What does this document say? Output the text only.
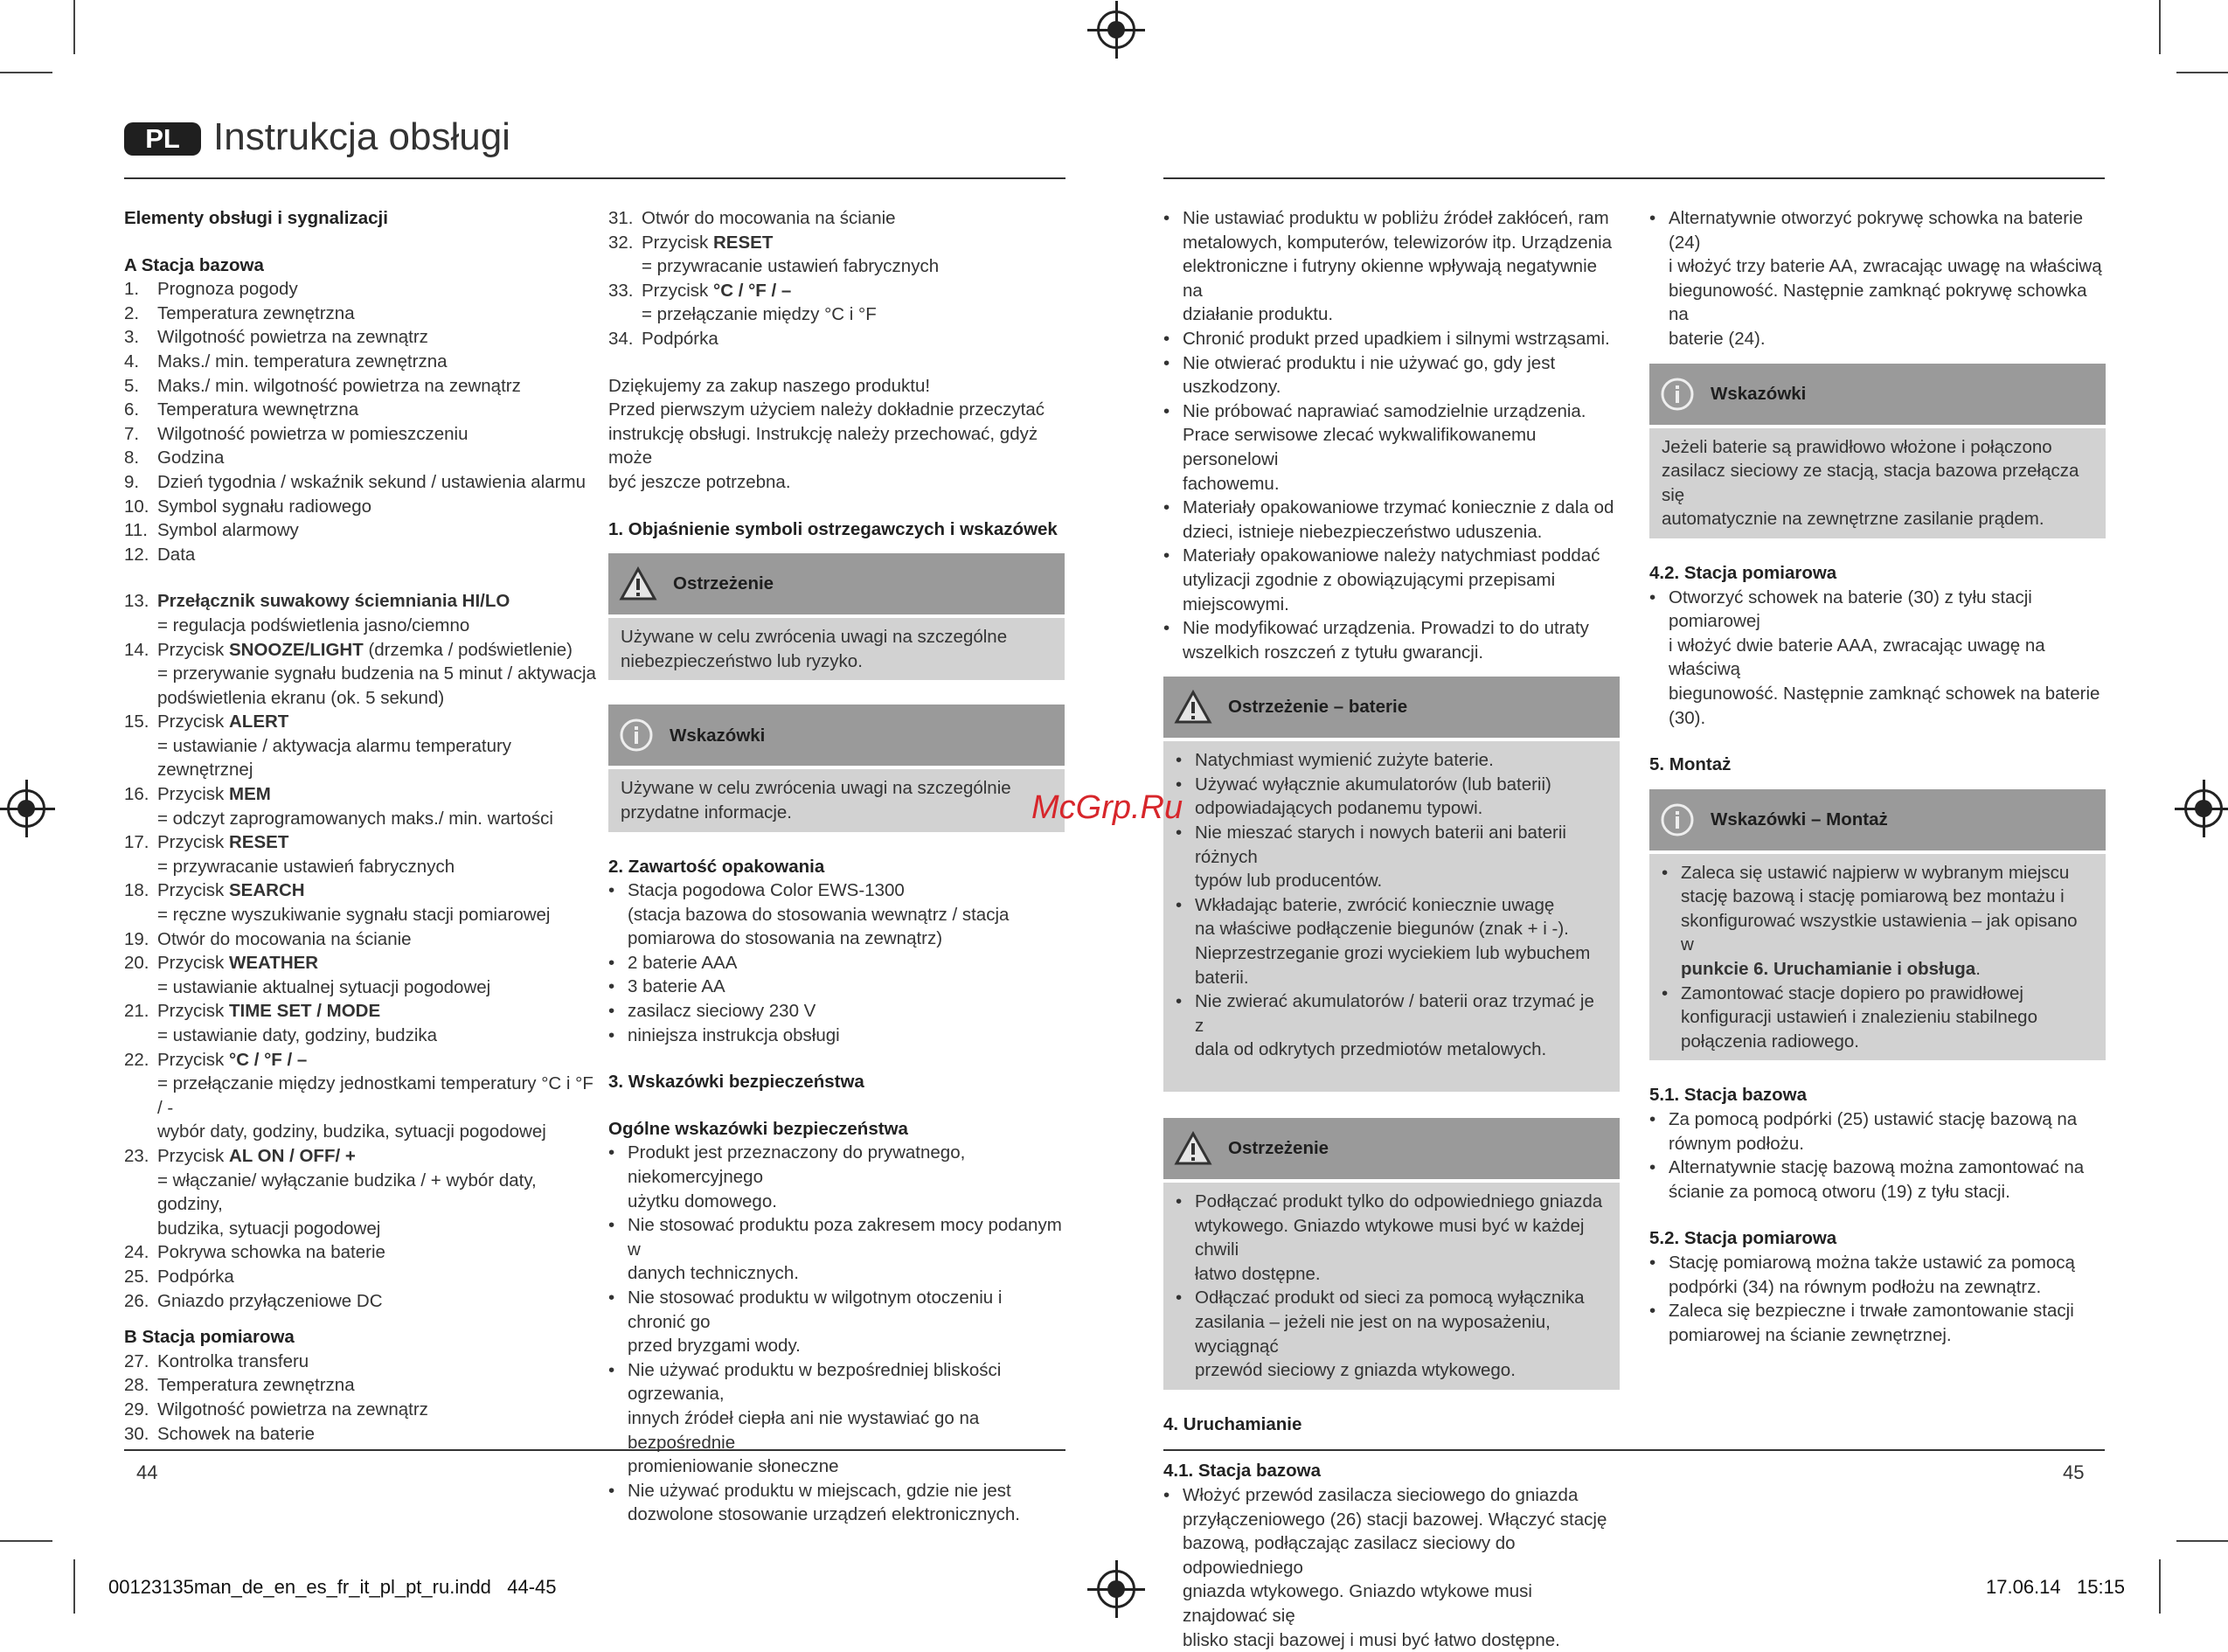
PL Instrukcja obsługi

Elementy obsługi i sygnalizacji

A Stacja bazowa

1.	Prognoza pogody
2.	Temperatura zewnętrzna
3.	Wilgotność powietrza na zewnątrz
4.	Maks./ min. temperatura zewnętrzna
5.	Maks./ min. wilgotność powietrza na zewnątrz
6.	Temperatura wewnętrzna
7.	Wilgotność powietrza w pomieszczeniu
8.	Godzina
9.	Dzień tygodnia / wskaźnik sekund / ustawienia alarmu
10. Symbol sygnału radiowego
11. Symbol alarmowy
12. Data
13. Przełącznik suwakowy ściemniania HI/LO
= regulacja podświetlenia jasno/ciemno
14. Przycisk SNOOZE/LIGHT (drzemka / podświetlenie)
= przerywanie sygnału budzenia na 5 minut / aktywacja
podświetlenia ekranu (ok. 5 sekund)
15. Przycisk ALERT
= ustawianie / aktywacja alarmu temperatury zewnętrznej
16. Przycisk MEM
= odczyt zaprogramowanych maks./ min. wartości
17. Przycisk RESET
= przywracanie ustawień fabrycznych
18. Przycisk SEARCH
= ręczne wyszukiwanie sygnału stacji pomiarowej
19. Otwór do mocowania na ścianie
20. Przycisk WEATHER
= ustawianie aktualnej sytuacji pogodowej
21. Przycisk TIME SET / MODE
= ustawianie daty, godziny, budzika
22. Przycisk °C / °F / –
= przełączanie między jednostkami temperatury °C i °F / -
wybór daty, godziny, budzika, sytuacji pogodowej
23. Przycisk AL ON / OFF/ +
= włączanie/ wyłączanie budzika / + wybór daty, godziny,
budzika, sytuacji pogodowej
24. Pokrywa schowka na baterie
25. Podpórka
26. Gniazdo przyłączeniowe DC

B Stacja pomiarowa

27. Kontrolka transferu
28. Temperatura zewnętrzna
29. Wilgotność powietrza na zewnątrz
30. Schowek na baterie
31. Otwór do mocowania na ścianie
32. Przycisk RESET
= przywracanie ustawień fabrycznych
33. Przycisk °C / °F / –
= przełączanie między °C i °F
34. Podpórka
Dziękujemy za zakup naszego produktu!
Przed pierwszym użyciem należy dokładnie przeczytać
instrukcję obsługi. Instrukcję należy przechować, gdyż może
być jeszcze potrzebna.

1. Objaśnienie symboli ostrzegawczych i wskazówek

Ostrzeżenie
Używane w celu zwrócenia uwagi na szczególne
niebezpieczeństwo lub ryzyko.
Wskazówki
Używane w celu zwrócenia uwagi na szczególnie
przydatne informacje.

2. Zawartość opakowania

• Stacja pogodowa Color EWS-1300
(stacja bazowa do stosowania wewnątrz / stacja
pomiarowa do stosowania na zewnątrz)
• 2 baterie AAA
• 3 baterie AA
• zasilacz sieciowy 230 V
• niniejsza instrukcja obsługi

3. Wskazówki bezpieczeństwa

Ogólne wskazówki bezpieczeństwa

• Produkt jest przeznaczony do prywatnego, niekomercyjnego
użytku domowego.
• Nie stosować produktu poza zakresem mocy podanym w
danych technicznych.
• Nie stosować produktu w wilgotnym otoczeniu i chronić go
przed bryzgami wody.
• Nie używać produktu w bezpośredniej bliskości ogrzewania,
innych źródeł ciepła ani nie wystawiać go na bezpośrednie
promieniowanie słoneczne
• Nie używać produktu w miejscach, gdzie nie jest
dozwolone stosowanie urządzeń elektronicznych.
• Nie ustawiać produktu w pobliżu źródeł zakłóceń, ram
metalowych, komputerów, telewizorów itp. Urządzenia
elektroniczne i futryny okienne wpływają negatywnie na
działanie produktu.
• Chronić produkt przed upadkiem i silnymi wstrząsami.
• Nie otwierać produktu i nie używać go, gdy jest
uszkodzony.
• Nie próbować naprawiać samodzielnie urządzenia.
Prace serwisowe zlecać wykwalifikowanemu personelowi
fachowemu.
• Materiały opakowaniowe trzymać koniecznie z dala od
dzieci, istnieje niebezpieczeństwo uduszenia.
• Materiały opakowaniowe należy natychmiast poddać
utylizacji zgodnie z obowiązującymi przepisami
miejscowymi.
• Nie modyfikować urządzenia. Prowadzi to do utraty
wszelkich roszczeń z tytułu gwarancji.
Ostrzeżenie – baterie
• Natychmiast wymienić zużyte baterie.
• Używać wyłącznie akumulatorów (lub baterii)
odpowiadających podanemu typowi.
• Nie mieszać starych i nowych baterii ani baterii różnych
typów lub producentów.
• Wkładając baterie, zwrócić koniecznie uwagę
na właściwe podłączenie biegunów (znak + i -).
Nieprzestrzeganie grozi wyciekiem lub wybuchem
baterii.
• Nie zwierać akumulatorów / baterii oraz trzymać je z
dala od odkrytych przedmiotów metalowych.
Ostrzeżenie
• Podłączać produkt tylko do odpowiedniego gniazda
wtykowego. Gniazdo wtykowe musi być w każdej chwili
łatwo dostępne.
• Odłączać produkt od sieci za pomocą wyłącznika
zasilania – jeżeli nie jest on na wyposażeniu, wyciągnąć
przewód sieciowy z gniazda wtykowego.

4. Uruchamianie

4.1. Stacja bazowa

• Włożyć przewód zasilacza sieciowego do gniazda
przyłączeniowego (26) stacji bazowej. Włączyć stację
bazową, podłączając zasilacz sieciowy do odpowiedniego
gniazda wtykowego. Gniazdo wtykowe musi znajdować się
blisko stacji bazowej i musi być łatwo dostępne.
• Alternatywnie otworzyć pokrywę schowka na baterie (24)
i włożyć trzy baterie AA, zwracając uwagę na właściwą
biegunowość. Następnie zamknąć pokrywę schowka na
baterie (24).
Wskazówki
Jeżeli baterie są prawidłowo włożone i połączono
zasilacz sieciowy ze stacją, stacja bazowa przełącza się
automatycznie na zewnętrzne zasilanie prądem.

4.2. Stacja pomiarowa

• Otworzyć schowek na baterie (30) z tyłu stacji pomiarowej
i włożyć dwie baterie AAA, zwracając uwagę na właściwą
biegunowość. Następnie zamknąć schowek na baterie (30).

5. Montaż

Wskazówki – Montaż
• Zaleca się ustawić najpierw w wybranym miejscu
stację bazową i stację pomiarową bez montażu i
skonfigurować wszystkie ustawienia – jak opisano w
punkcie 6. Uruchamianie i obsługa.
• Zamontować stacje dopiero po prawidłowej
konfiguracji ustawień i znalezieniu stabilnego
połączenia radiowego.

5.1. Stacja bazowa

• Za pomocą podpórki (25) ustawić stację bazową na
równym podłożu.
• Alternatywnie stację bazową można zamontować na
ścianie za pomocą otworu (19) z tyłu stacji.

5.2. Stacja pomiarowa

• Stację pomiarową można także ustawić za pomocą
podpórki (34) na równym podłożu na zewnątrz.
• Zaleca się bezpieczne i trwałe zamontowanie stacji
pomiarowej na ścianie zewnętrznej.
McGrp.Ru
44	45
00123135man_de_en_es_fr_it_pl_pt_ru.indd   44-45	17.06.14   15:15
